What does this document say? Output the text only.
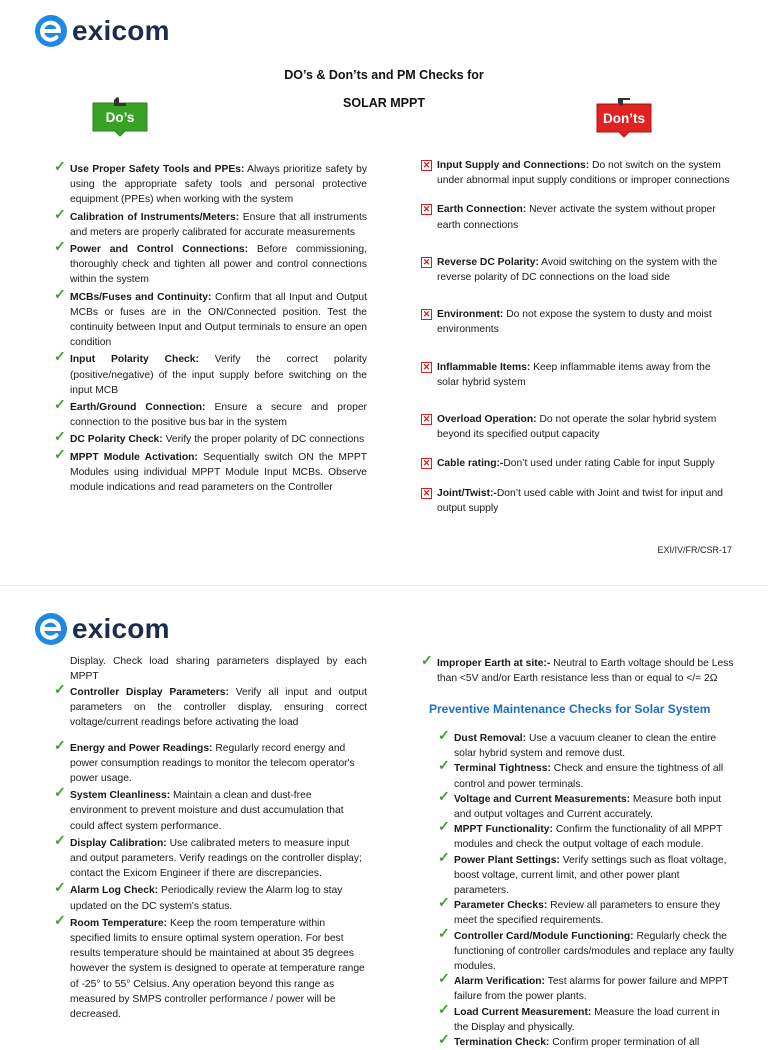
exicom
DO’s & Don’ts and PM Checks for
SOLAR MPPT
Do’s	Don’ts
✓ Use Proper Safety Tools and PPEs: Always prioritize safety by using the appropriate safety tools and personal protective equipment (PPEs) when working with the system
✓ Calibration of Instruments/Meters: Ensure that all instruments and meters are properly calibrated for accurate measurements
✓ Power and Control Connections: Before commissioning, thoroughly check and tighten all power and control connections within the system
✓ MCBs/Fuses and Continuity: Confirm that all Input and Output MCBs or fuses are in the ON/Connected position. Test the continuity between Input and Output terminals to ensure an open condition
✓ Input Polarity Check: Verify the correct polarity (positive/negative) of the input supply before switching on the input MCB
✓ Earth/Ground Connection: Ensure a secure and proper connection to the positive bus bar in the system
✓ DC Polarity Check: Verify the proper polarity of DC connections
✓ MPPT Module Activation: Sequentially switch ON the MPPT Modules using individual MPPT Module Input MCBs. Observe module indications and read parameters on the Controller
✕ Input Supply and Connections: Do not switch on the system under abnormal input supply conditions or improper connections
✕ Earth Connection: Never activate the system without proper earth connections
✕ Reverse DC Polarity: Avoid switching on the system with the reverse polarity of DC connections on the load side
✕ Environment: Do not expose the system to dusty and moist environments
✕ Inflammable Items: Keep inflammable items away from the solar hybrid system
✕ Overload Operation: Do not operate the solar hybrid system beyond its specified output capacity
✕ Cable rating:-Don’t used under rating Cable for input Supply
✕ Joint/Twist:-Don’t used cable with Joint and twist for input and output supply
EXI/IV/FR/CSR-17
exicom
Display. Check load sharing parameters displayed by each MPPT
✓ Controller Display Parameters: Verify all input and output parameters on the controller display, ensuring correct voltage/current readings before activating the load
✓ Energy and Power Readings: Regularly record energy and power consumption readings to monitor the telecom operator's power usage.
✓ System Cleanliness: Maintain a clean and dust-free environment to prevent moisture and dust accumulation that could affect system performance.
✓ Display Calibration: Use calibrated meters to measure input and output parameters. Verify readings on the controller display; contact the Exicom Engineer if there are discrepancies.
✓ Alarm Log Check: Periodically review the Alarm log to stay updated on the DC system's status.
✓ Room Temperature: Keep the room temperature within specified limits to ensure optimal system operation. For best results temperature should be maintained at about 35 degrees however the system is designed to operate at temperature range of -25° to 55° Celsius. Any operation beyond this range as measured by SMPS controller performance / power will be decreased.
✓ Improper Earth at site:- Neutral to Earth voltage should be Less than <5V and/or Earth resistance less than or equal to </= 2Ω
Preventive Maintenance Checks for Solar System
✓ Dust Removal: Use a vacuum cleaner to clean the entire solar hybrid system and remove dust.
✓ Terminal Tightness: Check and ensure the tightness of all control and power terminals.
✓ Voltage and Current Measurements: Measure both input and output voltages and Current accurately.
✓ MPPT Functionality: Confirm the functionality of all MPPT modules and check the output voltage of each module.
✓ Power Plant Settings: Verify settings such as float voltage, boost voltage, current limit, and other power plant parameters.
✓ Parameter Checks: Review all parameters to ensure they meet the specified requirements.
✓ Controller Card/Module Functioning: Regularly check the functioning of controller cards/modules and replace any faulty modules.
✓ Alarm Verification: Test alarms for power failure and MPPT failure from the power plants.
✓ Load Current Measurement: Measure the load current in the Display and physically.
✓ Termination Check: Confirm proper termination of all
